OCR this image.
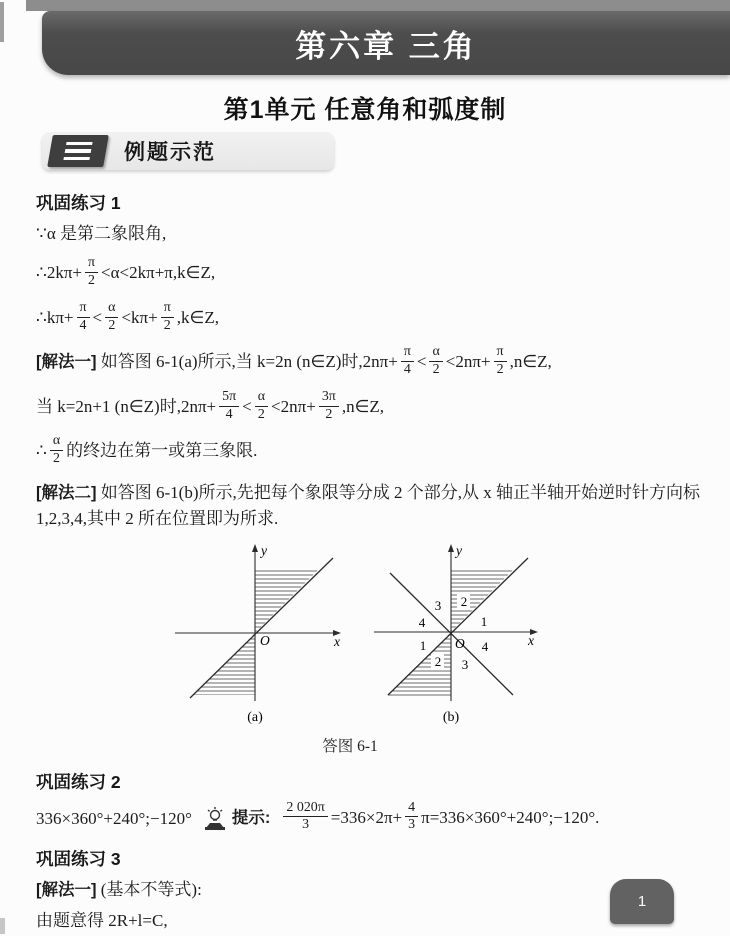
第六章 三角
第1单元 任意角和弧度制
例题示范
巩固练习 1
∵α 是第二象限角,
∴2kπ+ $\frac{\pi}{2}$ <α<2kπ+π,k∈Z,
∴kπ+ $\frac{\pi}{4} < \frac{\alpha}{2} <k\pi+ \frac{\pi}{2}$ ,k∈Z,
[解法一] 如答图 6-1(a)所示,当 k=2n (n∈Z)时$,2n\pi+ \frac{\pi}{4} < \frac{\alpha}{2} <2n\pi+ \frac{\pi}{2}$ ,n∈Z,
当 k=2n+1 (n∈Z)时$,2n\pi+ \frac{5\pi}{4} < \frac{\alpha}{2} <2n\pi+ \frac{3\pi}{2}$ ,n∈Z,
∴ $\frac{\alpha}{2}$ 的终边在第一或第三象限.
[解法二] 如答图 6-1(b)所示,先把每个象限等分成 2 个部分,从 x 轴正半轴开始逆时针方向标 1,2,3,4,其中 2 所在位置即为所求.
y
x
O
(a)
3 2
4	1
1	4
2 3
O
y
x
(b)
答图 6-1
巩固练习 2
336×360°+240°;−120° 提示: $\frac{2 020\pi}{3} =336\times 2\pi+ \frac{4}{3}$ π=336×360°+240°;−120°.
巩固练习 3
[解法一] (基本不等式):
由题意得 2R+l=C,
1
